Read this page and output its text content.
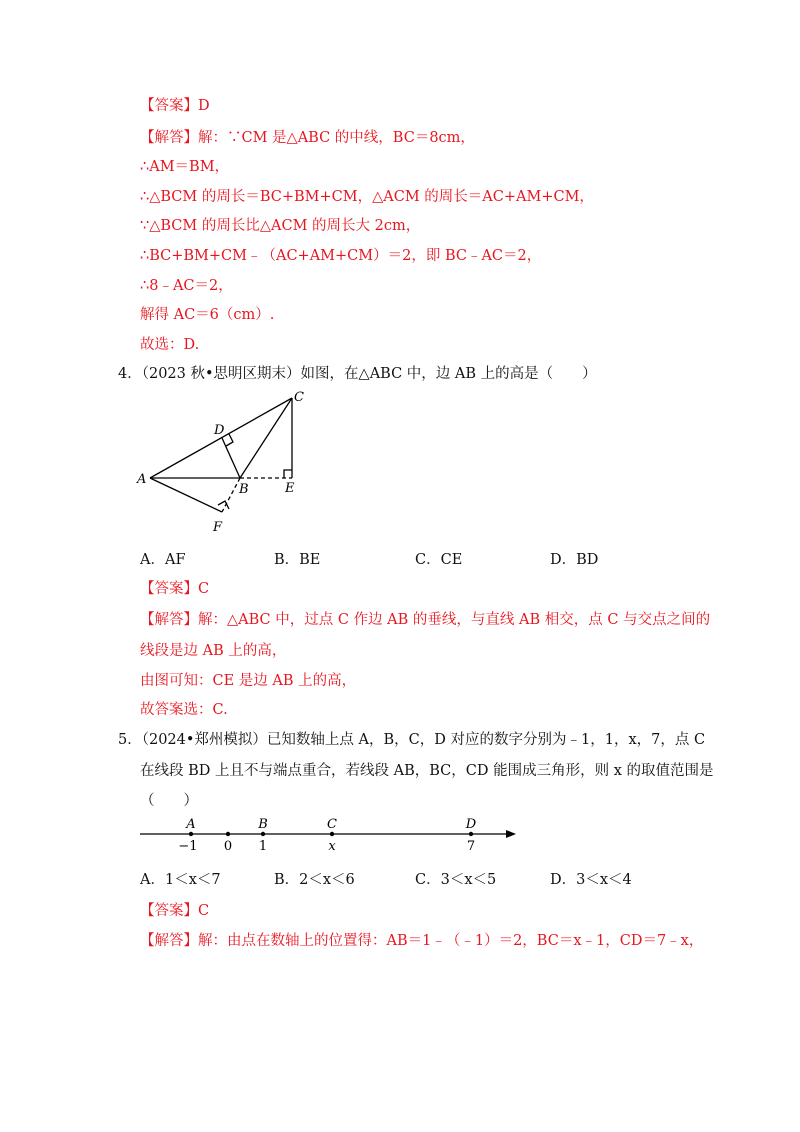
【答案】D
【解答】解：∵CM 是△ABC 的中线，BC＝8cm，
∴AM＝BM，
∴△BCM 的周长＝BC+BM+CM，△ACM 的周长＝AC+AM+CM，
∵△BCM 的周长比△ACM 的周长大 2cm，
∴BC+BM+CM﹣（AC+AM+CM）＝2，即 BC﹣AC＝2，
∴8﹣AC＝2，
解得 AC＝6（cm）.
故选：D.
4．（2023 秋•思明区期末）如图，在△ABC 中，边 AB 上的高是（　　）
A
B
C
D
E
F
A．AF	B．BE	C．CE	D．BD
【答案】C
【解答】解：△ABC 中，过点 C 作边 AB 的垂线，与直线 AB 相交，点 C 与交点之间的
线段是边 AB 上的高，
由图可知：CE 是边 AB 上的高，
故答案选：C.
5．（2024•郑州模拟）已知数轴上点 A，B，C，D 对应的数字分别为﹣1，1，x，7，点 C
在线段 BD 上且不与端点重合，若线段 AB，BC，CD 能围成三角形，则 x 的取值范围是
（　　）
A	B	C	D
−1 0 1	x	7
A．1＜x＜7	B．2＜x＜6	C．3＜x＜5	D．3＜x＜4
【答案】C
【解答】解：由点在数轴上的位置得：AB＝1﹣（﹣1）＝2，BC＝x﹣1，CD＝7﹣x，
